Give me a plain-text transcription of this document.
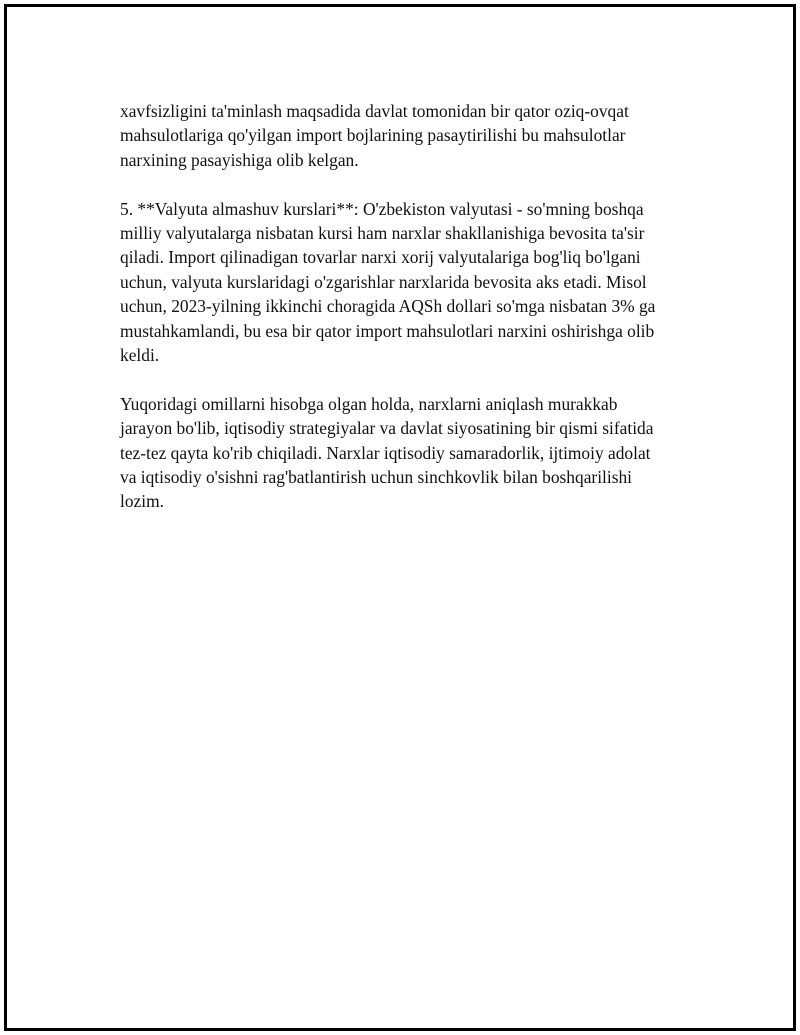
xavfsizligini ta'minlash maqsadida davlat tomonidan bir qator oziq-ovqat
mahsulotlariga qo'yilgan import bojlarining pasaytirilishi bu mahsulotlar
narxining pasayishiga olib kelgan.

5. **Valyuta almashuv kurslari**: O'zbekiston valyutasi - so'mning boshqa
milliy valyutalarga nisbatan kursi ham narxlar shakllanishiga bevosita ta'sir
qiladi. Import qilinadigan tovarlar narxi xorij valyutalariga bog'liq bo'lgani
uchun, valyuta kurslaridagi o'zgarishlar narxlarida bevosita aks etadi. Misol
uchun, 2023-yilning ikkinchi choragida AQSh dollari so'mga nisbatan 3% ga
mustahkamlandi, bu esa bir qator import mahsulotlari narxini oshirishga olib
keldi.

Yuqoridagi omillarni hisobga olgan holda, narxlarni aniqlash murakkab
jarayon bo'lib, iqtisodiy strategiyalar va davlat siyosatining bir qismi sifatida
tez-tez qayta ko'rib chiqiladi. Narxlar iqtisodiy samaradorlik, ijtimoiy adolat
va iqtisodiy o'sishni rag'batlantirish uchun sinchkovlik bilan boshqarilishi
lozim.
